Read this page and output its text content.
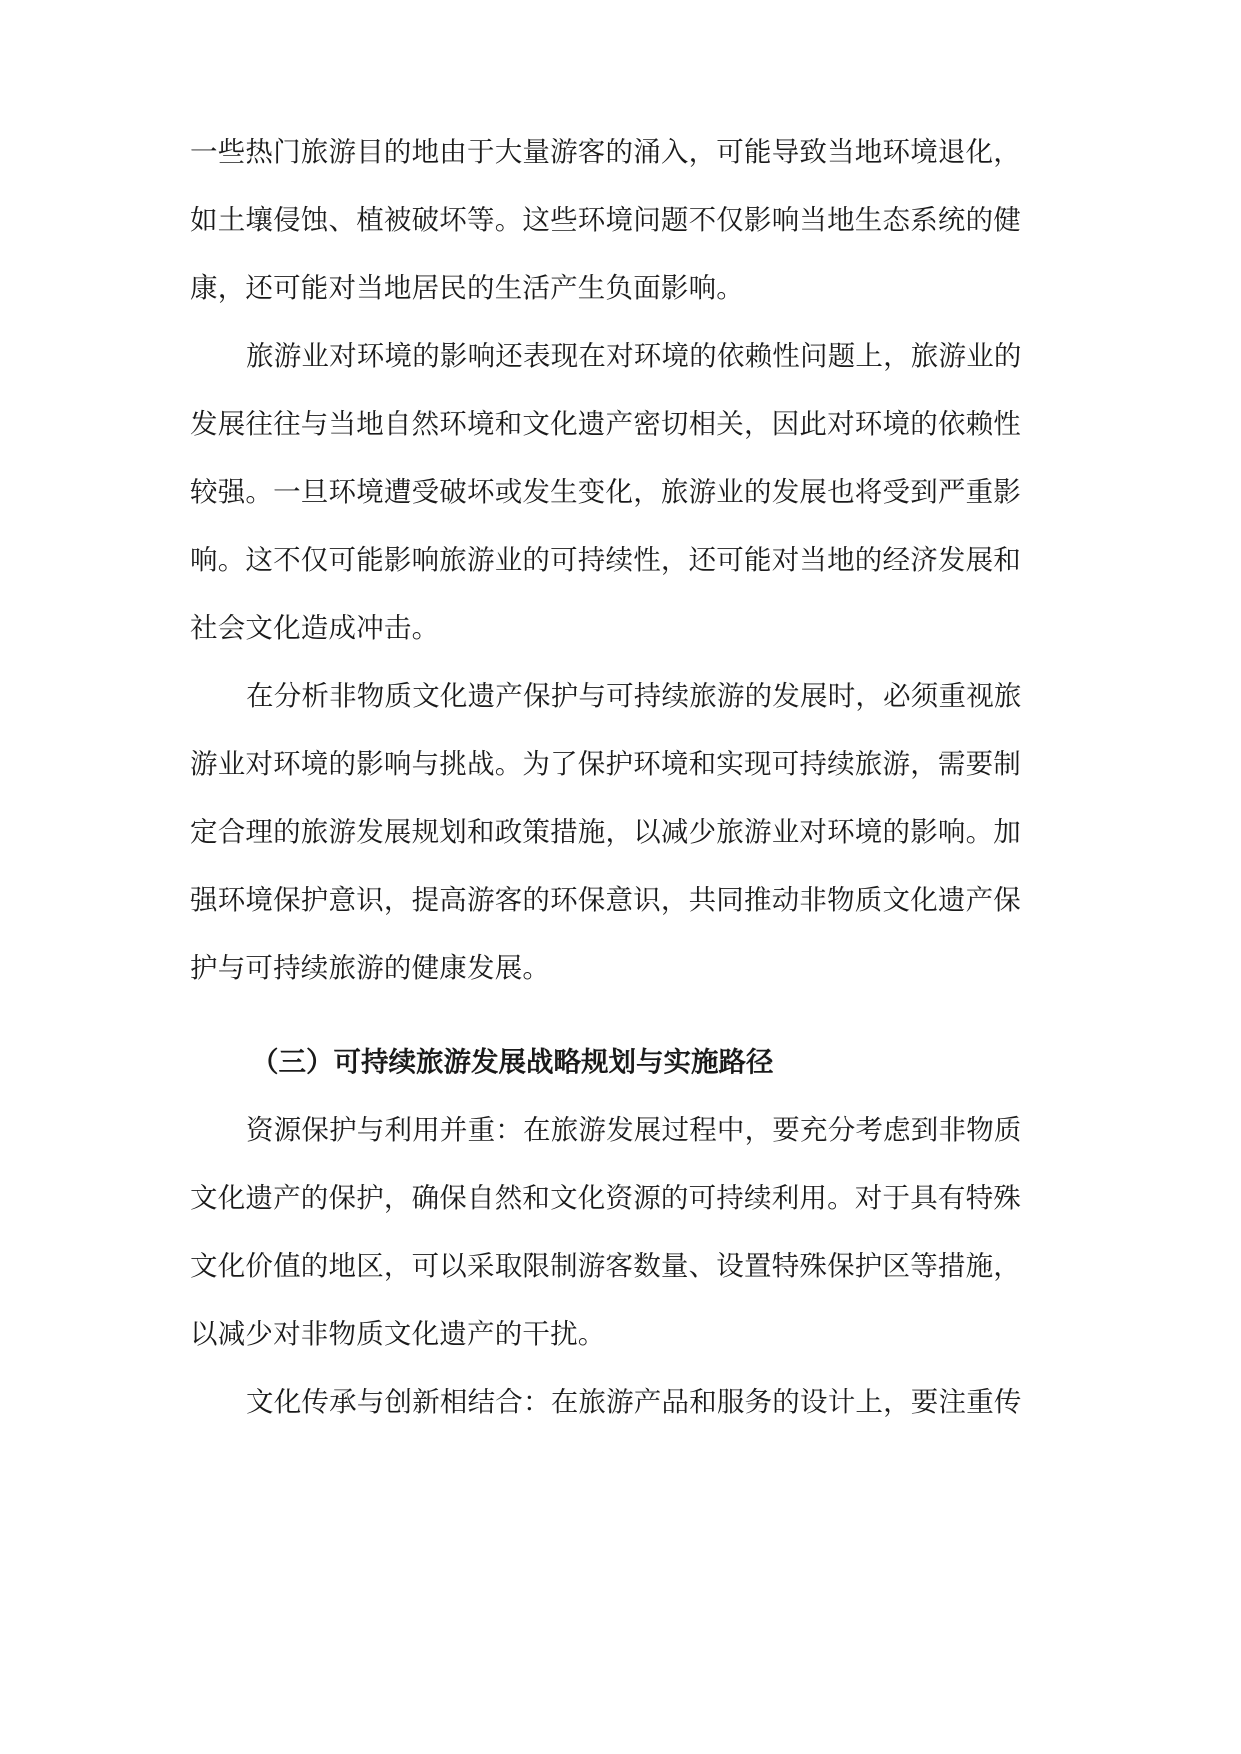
一些热门旅游目的地由于大量游客的涌入，可能导致当地环境退化，
如土壤侵蚀、植被破坏等。这些环境问题不仅影响当地生态系统的健
康，还可能对当地居民的生活产生负面影响。
旅游业对环境的影响还表现在对环境的依赖性问题上，旅游业的
发展往往与当地自然环境和文化遗产密切相关，因此对环境的依赖性
较强。一旦环境遭受破坏或发生变化，旅游业的发展也将受到严重影
响。这不仅可能影响旅游业的可持续性，还可能对当地的经济发展和
社会文化造成冲击。
在分析非物质文化遗产保护与可持续旅游的发展时，必须重视旅
游业对环境的影响与挑战。为了保护环境和实现可持续旅游，需要制
定合理的旅游发展规划和政策措施，以减少旅游业对环境的影响。加
强环境保护意识，提高游客的环保意识，共同推动非物质文化遗产保
护与可持续旅游的健康发展。
（三）可持续旅游发展战略规划与实施路径
资源保护与利用并重：在旅游发展过程中，要充分考虑到非物质
文化遗产的保护，确保自然和文化资源的可持续利用。对于具有特殊
文化价值的地区，可以采取限制游客数量、设置特殊保护区等措施，
以减少对非物质文化遗产的干扰。
文化传承与创新相结合：在旅游产品和服务的设计上，要注重传
